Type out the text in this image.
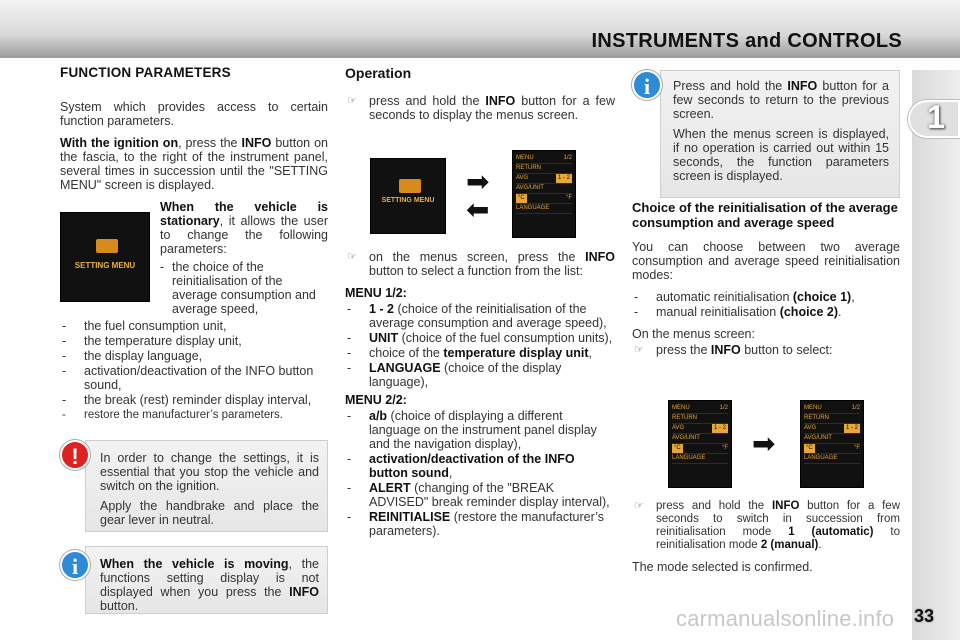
INSTRUMENTS and CONTROLS
1
FUNCTION PARAMETERS

System which provides access to certain function parameters.

With the ignition on, press the INFO button on the fascia, to the right of the instrument panel, several times in succession until the "SETTING MENU" screen is displayed.

SETTING MENU

When the vehicle is stationary, it allows the user to change the following parameters:

- the choice of the reinitialisation of the average consumption and average speed,
- the fuel consumption unit,
- the temperature display unit,
- the display language,
- activation/deactivation of the INFO button sound,
- the break (rest) reminder display interval,
- restore the manufacturer’s parameters.

In order to change the settings, it is essential that you stop the vehicle and switch on the ignition.

Apply the handbrake and place the gear lever in neutral.

!

When the vehicle is moving, the functions setting display is not displayed when you press the INFO button.

i
Operation
☞ press and hold the INFO button for a few seconds to display the menus screen.
SETTING MENU
➡
⬅
MENU	1/2
RETURN
AVG	1 - 2
AVG/UNIT
°C	°F
LANGUAGE
☞ on the menus screen, press the INFO button to select a function from the list:
MENU 1/2:
- 1 - 2 (choice of the reinitialisation of the average consumption and average speed),
- UNIT (choice of the fuel consumption units),
- choice of the temperature display unit,
- LANGUAGE (choice of the display language),
MENU 2/2:
- a/b (choice of displaying a different language on the instrument panel display and the navigation display),
- activation/deactivation of the INFO button sound,
- ALERT (changing of the "BREAK ADVISED" break reminder display interval),
- REINITIALISE (restore the manufacturer’s parameters).

Press and hold the INFO button for a few seconds to return to the previous screen.

When the menus screen is displayed, if no operation is carried out within 15 seconds, the function parameters screen is displayed.

i
Choice of the reinitialisation of the average consumption and average speed

You can choose between two average consumption and average speed reinitialisation modes:

- automatic reinitialisation (choice 1),
- manual reinitialisation (choice 2).

On the menus screen:

☞ press the INFO button to select:
MENU	1/2
RETURN
AVG	1 - 2
AVG/UNIT
°C	°F
LANGUAGE ➡
MENU	1/2
RETURN
AVG	1 - 2
AVG/UNIT
°C	°F
LANGUAGE
☞ press and hold the INFO button for a few seconds to switch in succession from reinitialisation mode 1 (automatic) to reinitialisation mode 2 (manual).

The mode selected is confirmed.

carmanualsonline.info 33
